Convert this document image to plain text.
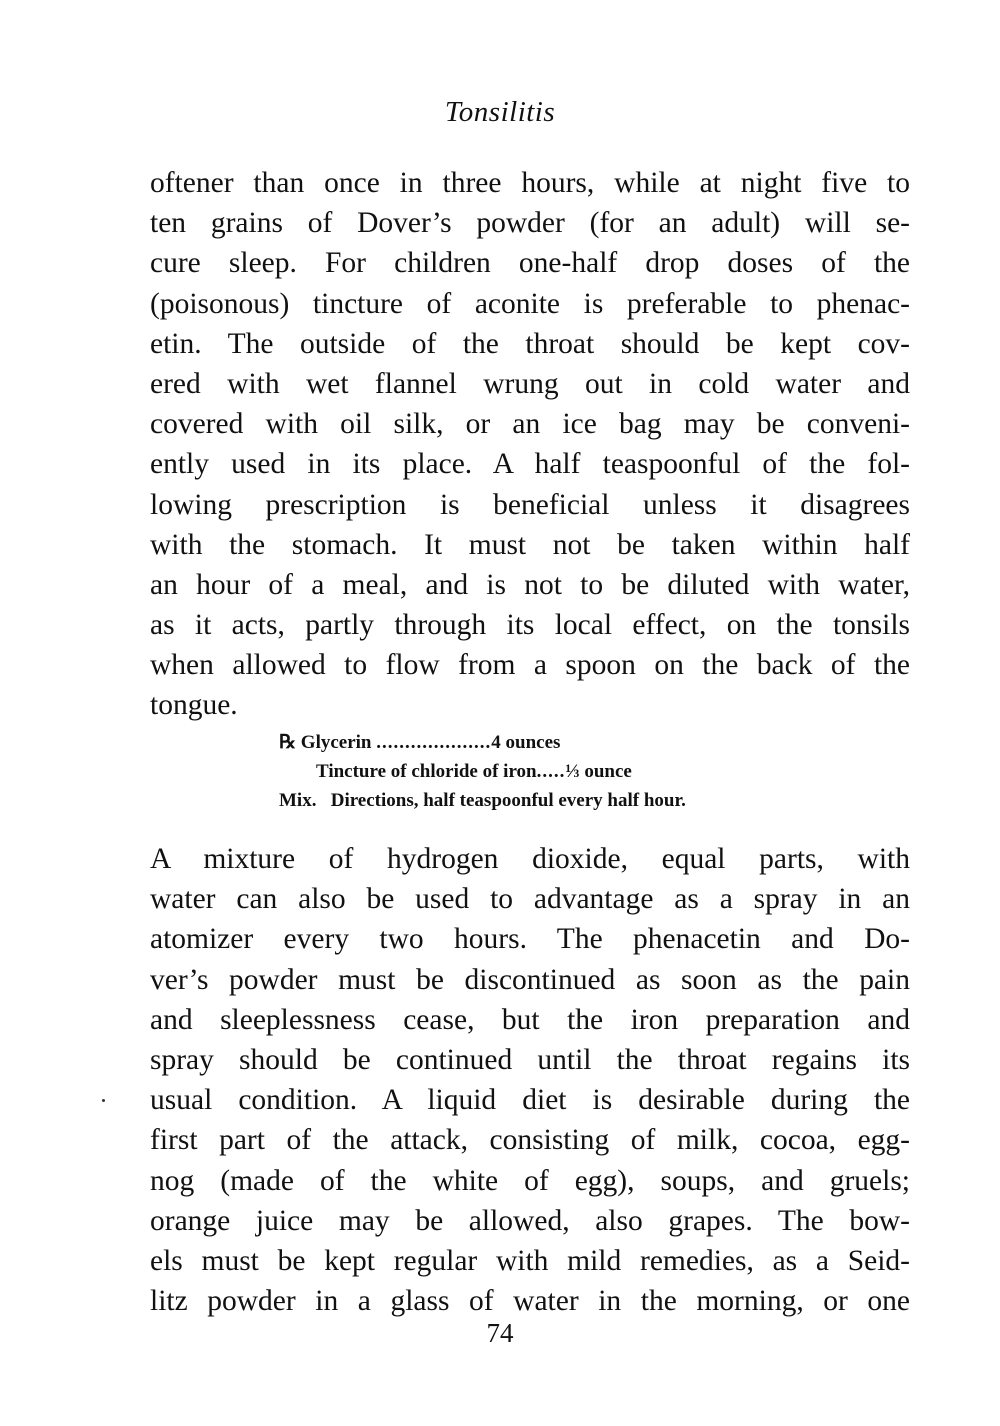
Tonsilitis
oftener than once in three hours, while at night five to
ten grains of Dover’s powder (for an adult) will se-
cure sleep. For children one-half drop doses of the
(poisonous) tincture of aconite is preferable to phenac-
etin. The outside of the throat should be kept cov-
ered with wet flannel wrung out in cold water and
covered with oil silk, or an ice bag may be conveni-
ently used in its place. A half teaspoonful of the fol-
lowing prescription is beneficial unless it disagrees
with the stomach. It must not be taken within half
an hour of a meal, and is not to be diluted with water,
as it acts, partly through its local effect, on the tonsils
when allowed to flow from a spoon on the back of the
tongue.
℞ Glycerin ....................4 ounces
Tincture of chloride of iron.....⅓ ounce
Mix. Directions, half teaspoonful every half hour.
A mixture of hydrogen dioxide, equal parts, with
water can also be used to advantage as a spray in an
atomizer every two hours. The phenacetin and Do-
ver’s powder must be discontinued as soon as the pain
and sleeplessness cease, but the iron preparation and
spray should be continued until the throat regains its
usual condition. A liquid diet is desirable during the
first part of the attack, consisting of milk, cocoa, egg-
nog (made of the white of egg), soups, and gruels;
orange juice may be allowed, also grapes. The bow-
els must be kept regular with mild remedies, as a Seid-
litz powder in a glass of water in the morning, or one
74
